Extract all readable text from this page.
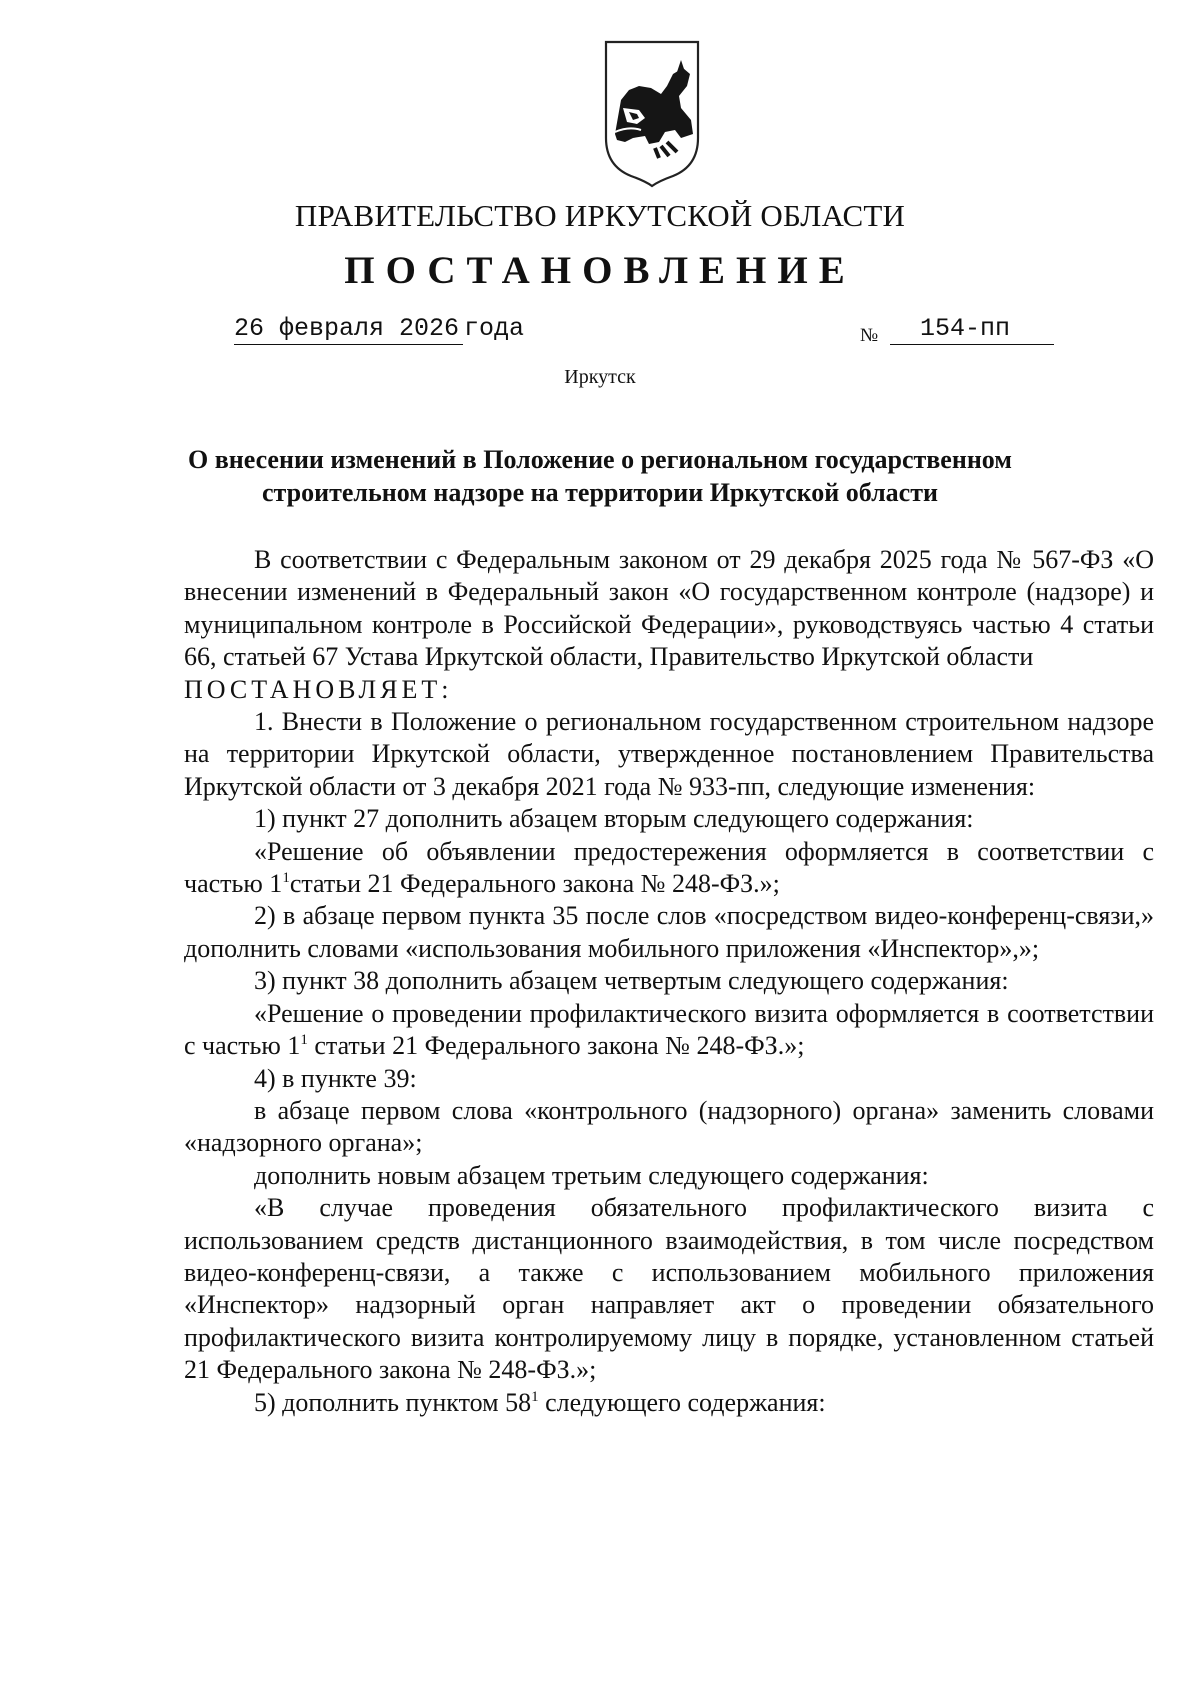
ПРАВИТЕЛЬСТВО ИРКУТСКОЙ ОБЛАСТИ
ПОСТАНОВЛЕНИЕ
26 февраля 2026 года	№	154-пп
Иркутск
О внесении изменений в Положение о региональном государственном
строительном надзоре на территории Иркутской области

В соответствии с Федеральным законом от 29 декабря 2025 года № 567-ФЗ «О внесении изменений в Федеральный закон «О государственном контроле (надзоре) и муниципальном контроле в Российской Федерации», руководствуясь частью 4 статьи 66, статьей 67 Устава Иркутской области, Правительство Иркутской области

ПОСТАНОВЛЯЕТ:

1. Внести в Положение о региональном государственном строительном надзоре на территории Иркутской области, утвержденное постановлением Правительства Иркутской области от 3 декабря 2021 года № 933-пп, следующие изменения:

1) пункт 27 дополнить абзацем вторым следующего содержания:

«Решение об объявлении предостережения оформляется в соответствии с частью $1^1статьи$ 21 Федерального закона № 248-ФЗ.»;

2) в абзаце первом пункта 35 после слов «посредством видео-конференц-связи,» дополнить словами «использования мобильного приложения «Инспектор»,»;

3) пункт 38 дополнить абзацем четвертым следующего содержания:

«Решение о проведении профилактического визита оформляется в соответствии с частью $1^1$ статьи 21 Федерального закона № 248-ФЗ.»;

4) в пункте 39:

в абзаце первом слова «контрольного (надзорного) органа» заменить словами «надзорного органа»;

дополнить новым абзацем третьим следующего содержания:

«В случае проведения обязательного профилактического визита с использованием средств дистанционного взаимодействия, в том числе посредством видео-конференц-связи, а также с использованием мобильного приложения «Инспектор» надзорный орган направляет акт о проведении обязательного профилактического визита контролируемому лицу в порядке, установленном статьей 21 Федерального закона № 248-ФЗ.»;

5) дополнить пунктом $58^1$ следующего содержания:
